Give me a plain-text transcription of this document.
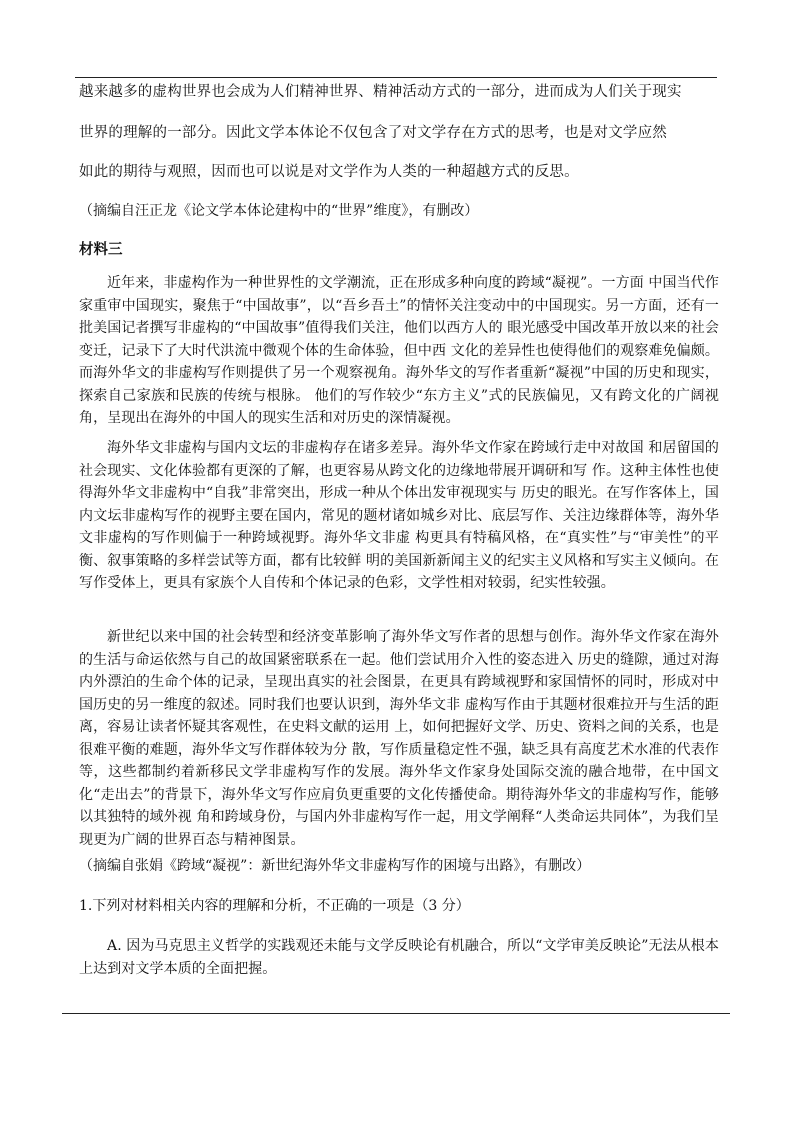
越来越多的虚构世界也会成为人们精神世界、精神活动方式的一部分，进而成为人们关于现实
世界的理解的一部分。因此文学本体论不仅包含了对文学存在方式的思考，也是对文学应然
如此的期待与观照，因而也可以说是对文学作为人类的一种超越方式的反思。
（摘编自汪正龙《论文学本体论建构中的“世界”维度》，有删改）
材料三
近年来，非虚构作为一种世界性的文学潮流，正在形成多种向度的跨域“凝视”。一方面 中国当代作家重审中国现实，聚焦于“中国故事”，以“吾乡吾土”的情怀关注变动中的中国现实。另一方面，还有一批美国记者撰写非虚构的“中国故事”值得我们关注，他们以西方人的 眼光感受中国改革开放以来的社会变迁，记录下了大时代洪流中微观个体的生命体验，但中西 文化的差异性也使得他们的观察难免偏颇。而海外华文的非虚构写作则提供了另一个观察视角。海外华文的写作者重新“凝视”中国的历史和现实，探索自己家族和民族的传统与根脉。 他们的写作较少“东方主义”式的民族偏见，又有跨文化的广阔视角，呈现出在海外的中国人的现实生活和对历史的深情凝视。
海外华文非虚构与国内文坛的非虚构存在诸多差异。海外华文作家在跨域行走中对故国 和居留国的社会现实、文化体验都有更深的了解，也更容易从跨文化的边缘地带展开调研和写 作。这种主体性也使得海外华文非虚构中“自我”非常突出，形成一种从个体出发审视现实与 历史的眼光。在写作客体上，国内文坛非虚构写作的视野主要在国内，常见的题材诸如城乡对比、底层写作、关注边缘群体等，海外华文非虚构的写作则偏于一种跨域视野。海外华文非虚 构更具有特稿风格，在“真实性”与“审美性”的平衡、叙事策略的多样尝试等方面，都有比较鲜 明的美国新新闻主义的纪实主义风格和写实主义倾向。在写作受体上，更具有家族个人自传和个体记录的色彩，文学性相对较弱，纪实性较强。
新世纪以来中国的社会转型和经济变革影响了海外华文写作者的思想与创作。海外华文作家在海外的生活与命运依然与自己的故国紧密联系在一起。他们尝试用介入性的姿态进入 历史的缝隙，通过对海内外漂泊的生命个体的记录，呈现出真实的社会图景，在更具有跨域视野和家国情怀的同时，形成对中国历史的另一维度的叙述。同时我们也要认识到，海外华文非 虚构写作由于其题材很难拉开与生活的距离，容易让读者怀疑其客观性，在史料文献的运用 上，如何把握好文学、历史、资料之间的关系，也是很难平衡的难题，海外华文写作群体较为分 散，写作质量稳定性不强，缺乏具有高度艺术水准的代表作等，这些都制约着新移民文学非虚构写作的发展。海外华文作家身处国际交流的融合地带，在中国文化“走出去”的背景下，海外华文写作应肩负更重要的文化传播使命。期待海外华文的非虚构写作，能够以其独特的域外视 角和跨域身份，与国内外非虚构写作一起，用文学阐释“人类命运共同体”，为我们呈现更为广阔的世界百态与精神图景。
（摘编自张娟《跨域“凝视”：新世纪海外华文非虚构写作的困境与出路》，有删改）
1.下列对材料相关内容的理解和分析，不正确的一项是（3 分）
A. 因为马克思主义哲学的实践观还未能与文学反映论有机融合，所以“文学审美反映论”无法从根本上达到对文学本质的全面把握。
